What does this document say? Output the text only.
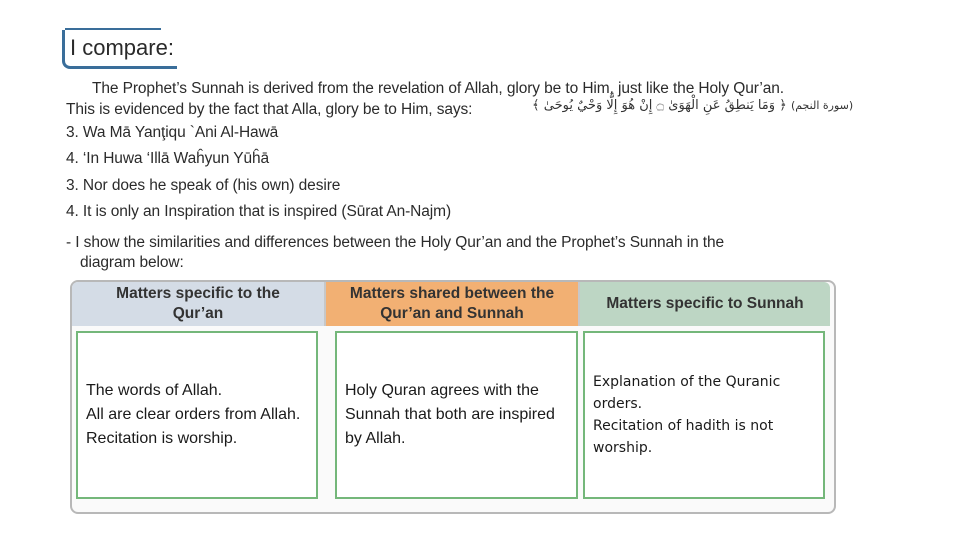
I compare:
The Prophet’s Sunnah is derived from the revelation of Allah, glory be to Him, just like the Holy Qur’an.
This is evidenced by the fact that Alla, glory be to Him, says:	(سورة النجم) ﴿ وَمَا يَنطِقُ عَنِ الْهَوَىٰ ۝ إِنْ هُوَ إِلَّا وَحْيٌ يُوحَىٰ ﴾
3. Wa Mā Yanţiqu `Ani Al-Hawā
4. ‘In Huwa ‘Illā Waĥyun Yūĥā
3. Nor does he speak of (his own) desire
4. It is only an Inspiration that is inspired (Sūrat An-Najm)
- I show the similarities and differences between the Holy Qur’an and the Prophet’s Sunnah in the
diagram below:
Matters specific to the Qur’an
Matters shared between the Qur’an and Sunnah
Matters specific to Sunnah
The words of Allah.
All are clear orders from Allah.
Recitation is worship.
Holy Quran agrees with the Sunnah that both are inspired by Allah.
Explanation of the Quranic orders.
Recitation of hadith is not worship.
